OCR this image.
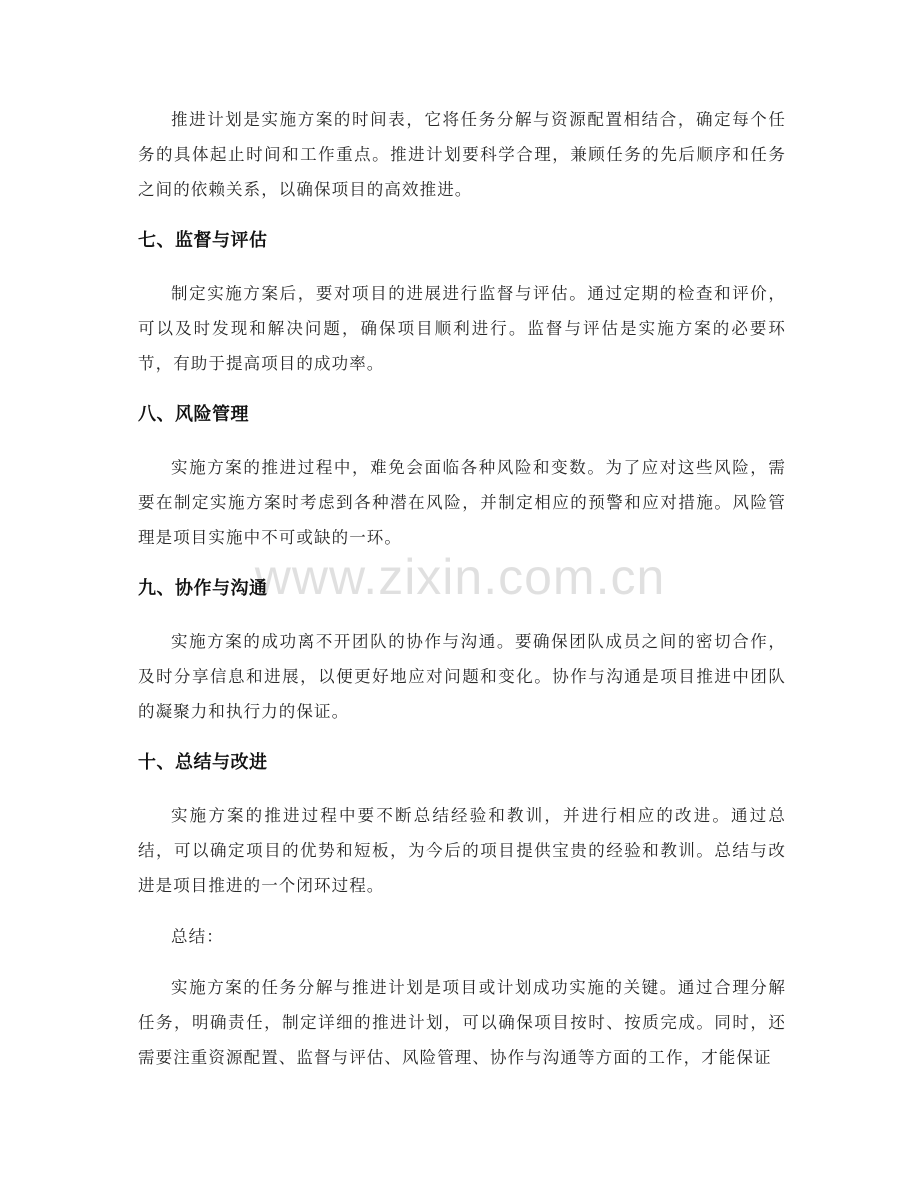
推进计划是实施方案的时间表，它将任务分解与资源配置相结合，确定每个任务的具体起止时间和工作重点。推进计划要科学合理，兼顾任务的先后顺序和任务之间的依赖关系，以确保项目的高效推进。

七、监督与评估

制定实施方案后，要对项目的进展进行监督与评估。通过定期的检查和评价，可以及时发现和解决问题，确保项目顺利进行。监督与评估是实施方案的必要环节，有助于提高项目的成功率。

八、风险管理

实施方案的推进过程中，难免会面临各种风险和变数。为了应对这些风险，需要在制定实施方案时考虑到各种潜在风险，并制定相应的预警和应对措施。风险管理是项目实施中不可或缺的一环。

九、协作与沟通

实施方案的成功离不开团队的协作与沟通。要确保团队成员之间的密切合作，及时分享信息和进展，以便更好地应对问题和变化。协作与沟通是项目推进中团队的凝聚力和执行力的保证。

十、总结与改进

实施方案的推进过程中要不断总结经验和教训，并进行相应的改进。通过总结，可以确定项目的优势和短板，为今后的项目提供宝贵的经验和教训。总结与改进是项目推进的一个闭环过程。

总结：

实施方案的任务分解与推进计划是项目或计划成功实施的关键。通过合理分解任务，明确责任，制定详细的推进计划，可以确保项目按时、按质完成。同时，还需要注重资源配置、监督与评估、风险管理、协作与沟通等方面的工作，才能保证

www.zixin.com.cn
